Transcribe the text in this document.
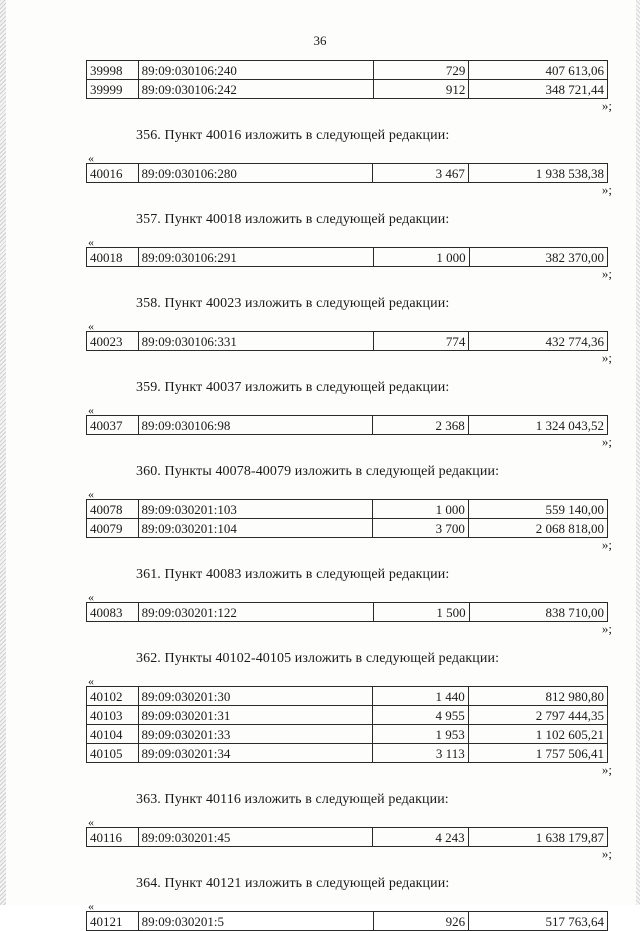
36
39998	89:09:030106:240	729	407 613,06
39999	89:09:030106:242	912	348 721,44
»;
356. Пункт 40016 изложить в следующей редакции:
«
40016	89:09:030106:280	3 467	1 938 538,38
»;
357. Пункт 40018 изложить в следующей редакции:
«
40018	89:09:030106:291	1 000	382 370,00
»;
358. Пункт 40023 изложить в следующей редакции:
«
40023	89:09:030106:331	774	432 774,36
»;
359. Пункт 40037 изложить в следующей редакции:
«
40037	89:09:030106:98	2 368	1 324 043,52
»;
360. Пункты 40078-40079 изложить в следующей редакции:
«
40078	89:09:030201:103	1 000	559 140,00
40079	89:09:030201:104	3 700	2 068 818,00
»;
361. Пункт 40083 изложить в следующей редакции:
«
40083	89:09:030201:122	1 500	838 710,00
»;
362. Пункты 40102-40105 изложить в следующей редакции:
«
40102	89:09:030201:30	1 440	812 980,80
40103	89:09:030201:31	4 955	2 797 444,35
40104	89:09:030201:33	1 953	1 102 605,21
40105	89:09:030201:34	3 113	1 757 506,41
»;
363. Пункт 40116 изложить в следующей редакции:
«
40116	89:09:030201:45	4 243	1 638 179,87
»;
364. Пункт 40121 изложить в следующей редакции:
«
40121	89:09:030201:5	926	517 763,64
